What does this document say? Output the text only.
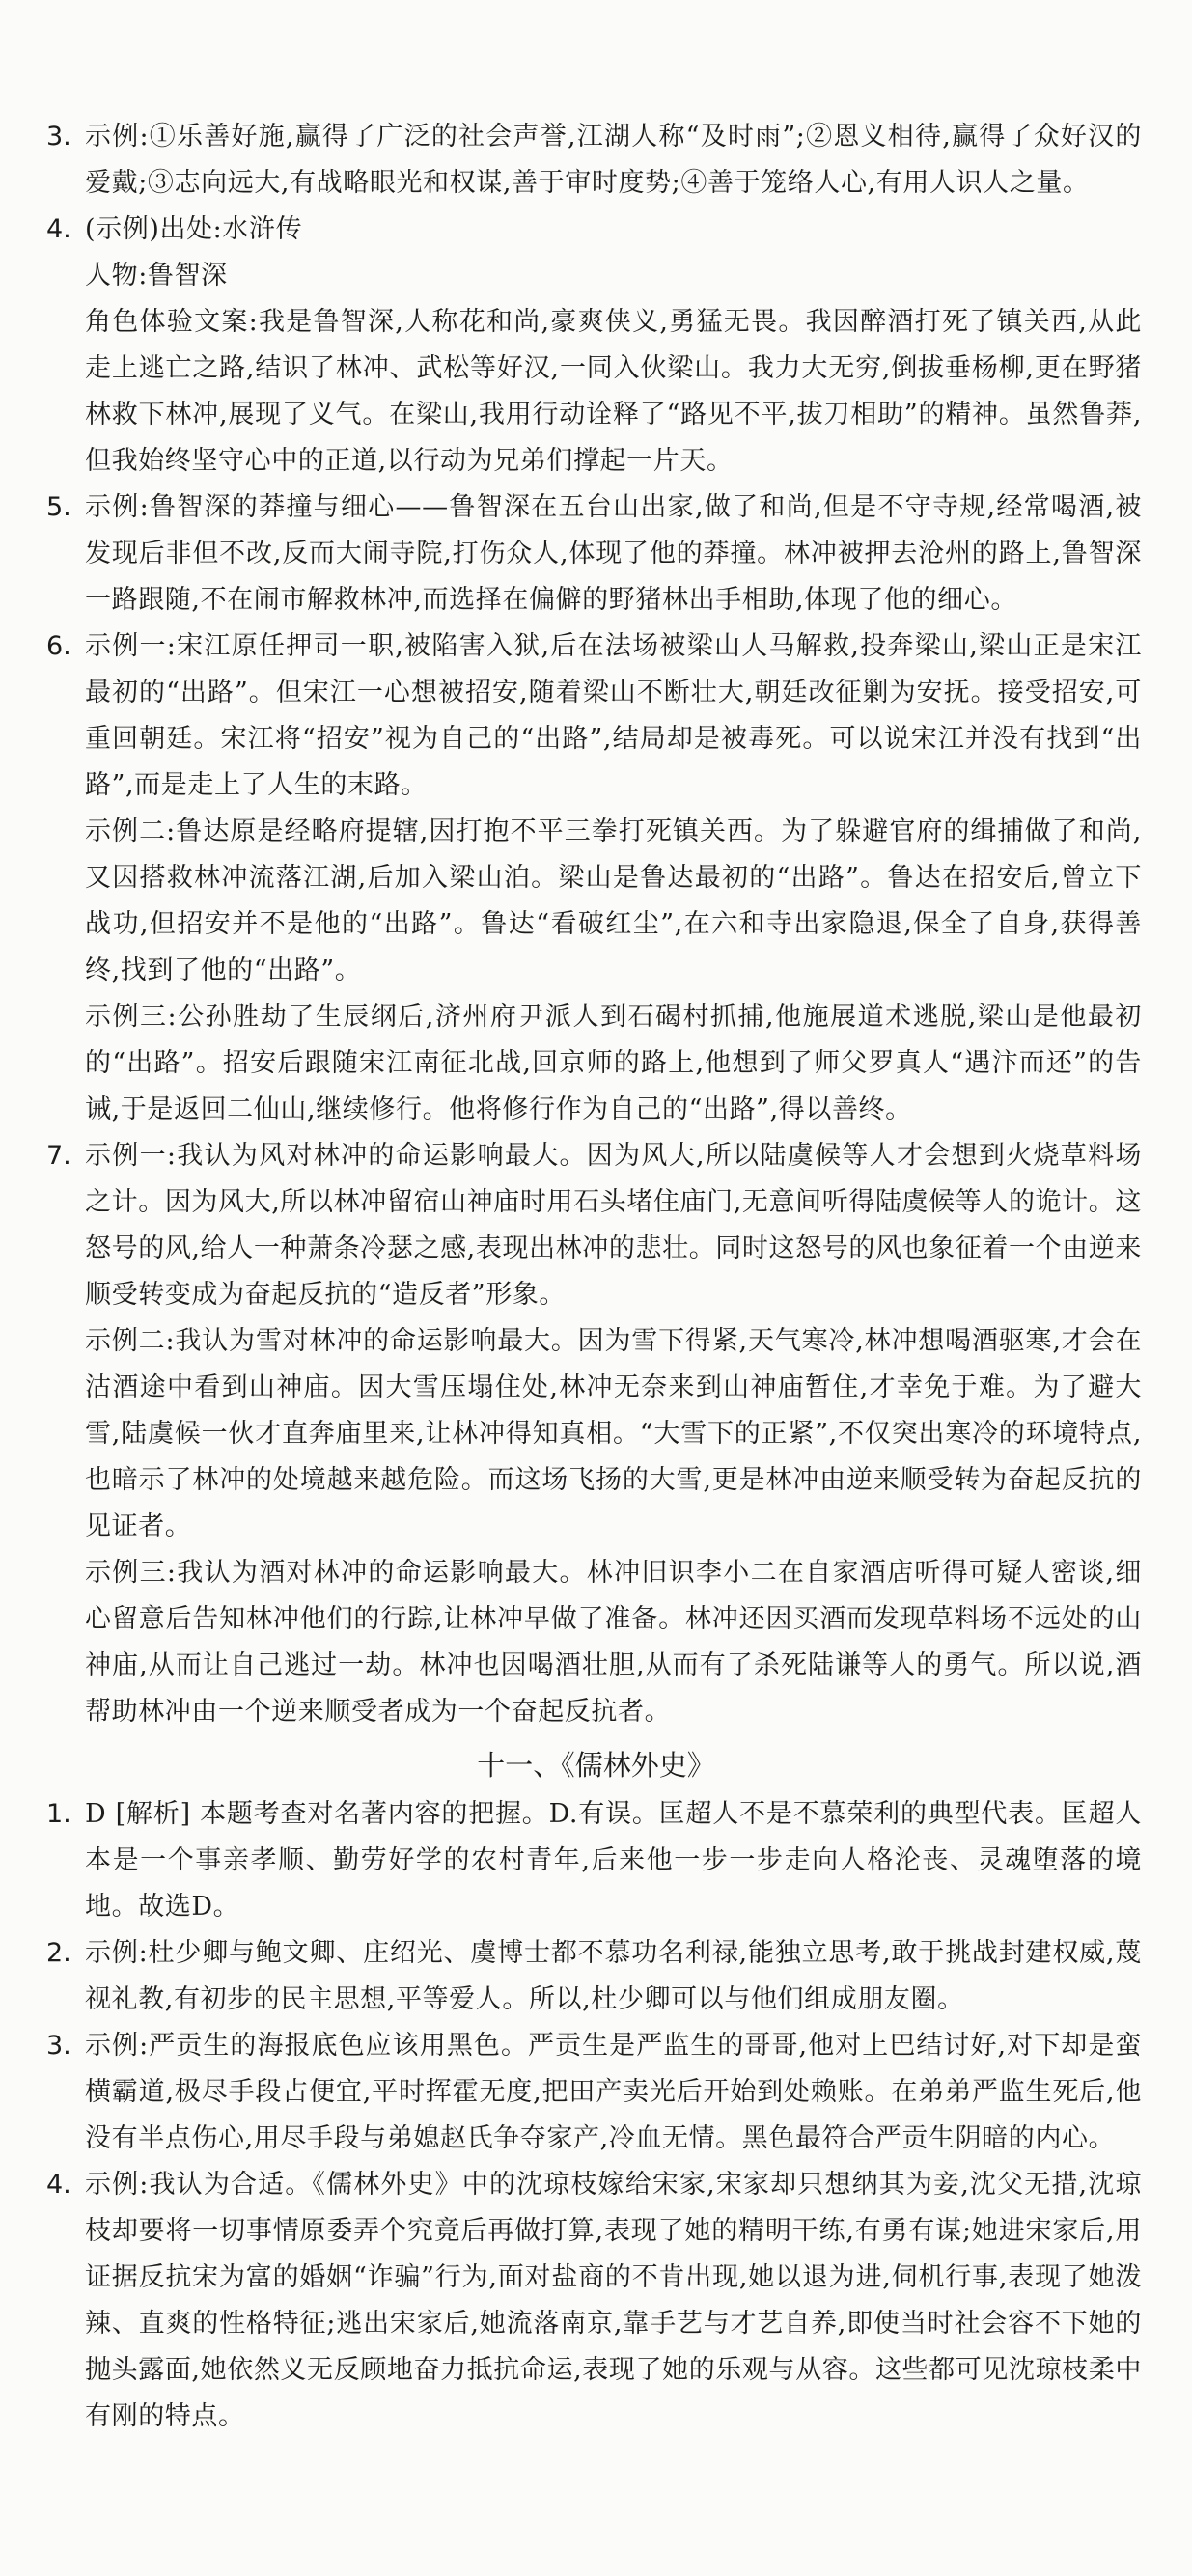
3. 示例:①乐善好施,赢得了广泛的社会声誉,江湖人称“及时雨”;②恩义相待,赢得了众好汉的爱戴;③志向远大,有战略眼光和权谋,善于审时度势;④善于笼络人心,有用人识人之量。

4. (示例)出处:水浒传

人物:鲁智深

角色体验文案:我是鲁智深,人称花和尚,豪爽侠义,勇猛无畏。我因醉酒打死了镇关西,从此走上逃亡之路,结识了林冲、武松等好汉,一同入伙梁山。我力大无穷,倒拔垂杨柳,更在野猪林救下林冲,展现了义气。在梁山,我用行动诠释了“路见不平,拔刀相助”的精神。虽然鲁莽,但我始终坚守心中的正道,以行动为兄弟们撑起一片天。

5. 示例:鲁智深的莽撞与细心——鲁智深在五台山出家,做了和尚,但是不守寺规,经常喝酒,被发现后非但不改,反而大闹寺院,打伤众人,体现了他的莽撞。林冲被押去沧州的路上,鲁智深一路跟随,不在闹市解救林冲,而选择在偏僻的野猪林出手相助,体现了他的细心。

6. 示例一:宋江原任押司一职,被陷害入狱,后在法场被梁山人马解救,投奔梁山,梁山正是宋江最初的“出路”。但宋江一心想被招安,随着梁山不断壮大,朝廷改征剿为安抚。接受招安,可重回朝廷。宋江将“招安”视为自己的“出路”,结局却是被毒死。可以说宋江并没有找到“出路”,而是走上了人生的末路。

示例二:鲁达原是经略府提辖,因打抱不平三拳打死镇关西。为了躲避官府的缉捕做了和尚,又因搭救林冲流落江湖,后加入梁山泊。梁山是鲁达最初的“出路”。鲁达在招安后,曾立下战功,但招安并不是他的“出路”。鲁达“看破红尘”,在六和寺出家隐退,保全了自身,获得善终,找到了他的“出路”。

示例三:公孙胜劫了生辰纲后,济州府尹派人到石碣村抓捕,他施展道术逃脱,梁山是他最初的“出路”。招安后跟随宋江南征北战,回京师的路上,他想到了师父罗真人“遇汴而还”的告诫,于是返回二仙山,继续修行。他将修行作为自己的“出路”,得以善终。

7. 示例一:我认为风对林冲的命运影响最大。因为风大,所以陆虞候等人才会想到火烧草料场之计。因为风大,所以林冲留宿山神庙时用石头堵住庙门,无意间听得陆虞候等人的诡计。这怒号的风,给人一种萧条冷瑟之感,表现出林冲的悲壮。同时这怒号的风也象征着一个由逆来顺受转变成为奋起反抗的“造反者”形象。

示例二:我认为雪对林冲的命运影响最大。因为雪下得紧,天气寒冷,林冲想喝酒驱寒,才会在沽酒途中看到山神庙。因大雪压塌住处,林冲无奈来到山神庙暂住,才幸免于难。为了避大雪,陆虞候一伙才直奔庙里来,让林冲得知真相。“大雪下的正紧”,不仅突出寒冷的环境特点,也暗示了林冲的处境越来越危险。而这场飞扬的大雪,更是林冲由逆来顺受转为奋起反抗的见证者。

示例三:我认为酒对林冲的命运影响最大。林冲旧识李小二在自家酒店听得可疑人密谈,细心留意后告知林冲他们的行踪,让林冲早做了准备。林冲还因买酒而发现草料场不远处的山神庙,从而让自己逃过一劫。林冲也因喝酒壮胆,从而有了杀死陆谦等人的勇气。所以说,酒帮助林冲由一个逆来顺受者成为一个奋起反抗者。

十一、《儒林外史》
1. D [解析] 本题考查对名著内容的把握。D.有误。匡超人不是不慕荣利的典型代表。匡超人本是一个事亲孝顺、勤劳好学的农村青年,后来他一步一步走向人格沦丧、灵魂堕落的境地。故选D。

2. 示例:杜少卿与鲍文卿、庄绍光、虞博士都不慕功名利禄,能独立思考,敢于挑战封建权威,蔑视礼教,有初步的民主思想,平等爱人。所以,杜少卿可以与他们组成朋友圈。

3. 示例:严贡生的海报底色应该用黑色。严贡生是严监生的哥哥,他对上巴结讨好,对下却是蛮横霸道,极尽手段占便宜,平时挥霍无度,把田产卖光后开始到处赖账。在弟弟严监生死后,他没有半点伤心,用尽手段与弟媳赵氏争夺家产,冷血无情。黑色最符合严贡生阴暗的内心。

4. 示例:我认为合适。《儒林外史》中的沈琼枝嫁给宋家,宋家却只想纳其为妾,沈父无措,沈琼枝却要将一切事情原委弄个究竟后再做打算,表现了她的精明干练,有勇有谋;她进宋家后,用证据反抗宋为富的婚姻“诈骗”行为,面对盐商的不肯出现,她以退为进,伺机行事,表现了她泼辣、直爽的性格特征;逃出宋家后,她流落南京,靠手艺与才艺自养,即使当时社会容不下她的抛头露面,她依然义无反顾地奋力抵抗命运,表现了她的乐观与从容。这些都可见沈琼枝柔中有刚的特点。
